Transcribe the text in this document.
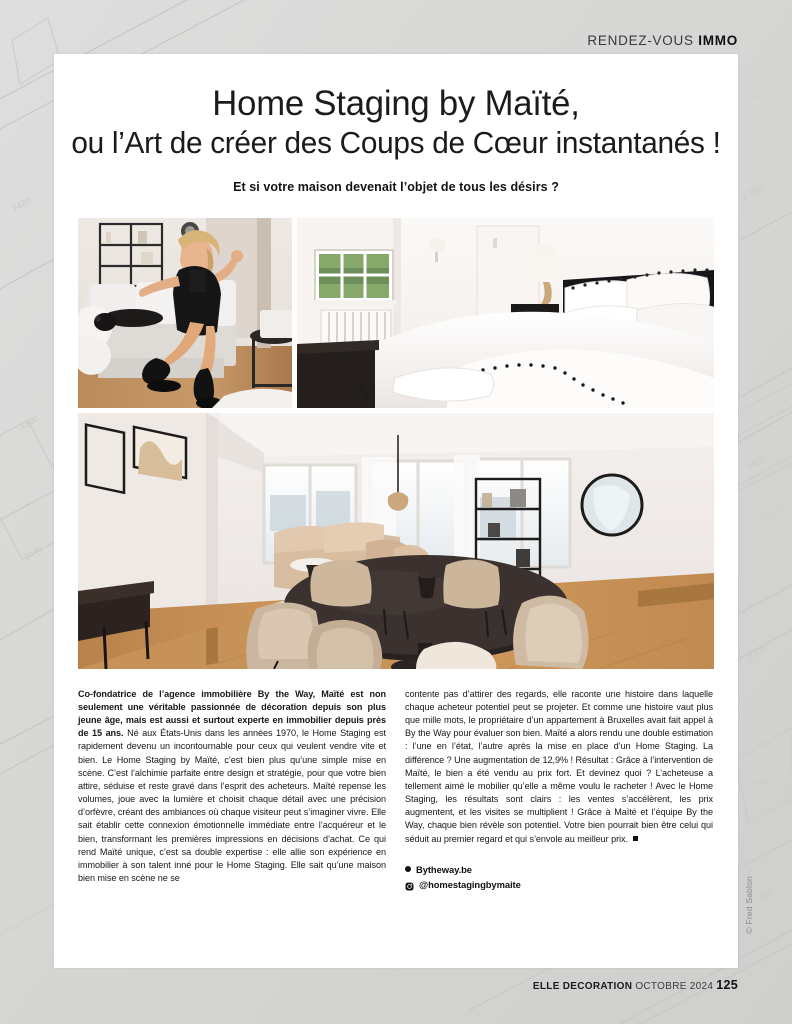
1420
1300
3140
2 200
1420
2600
780
360
RENDEZ-VOUS IMMO
Home Staging by Maïté,
ou l’Art de créer des Coups de Cœur instantanés !
Et si votre maison devenait l’objet de tous les désirs ?

Co-fondatrice de l’agence immobilière By the Way, Maïté est non seulement une véritable passionnée de décoration depuis son plus jeune âge, mais est aussi et surtout experte en immobilier depuis près de 15 ans. Né aux États-Unis dans les années 1970, le Home Staging est rapidement devenu un incontournable pour ceux qui veulent vendre vite et bien. Le Home Staging by Maïté, c’est bien plus qu’une simple mise en scène. C’est l’alchimie parfaite entre design et stratégie, pour que votre bien attire, séduise et reste gravé dans l’esprit des acheteurs. Maïté repense les volumes, joue avec la lumière et choisit chaque détail avec une précision d’orfèvre, créant des ambiances où chaque visiteur peut s’imaginer vivre. Elle sait établir cette connexion émotionnelle immédiate entre l’acquéreur et le bien, transformant les premières impressions en décisions d’achat. Ce qui rend Maïté unique, c’est sa double expertise : elle allie son expérience en immobilier à son talent inné pour le Home Staging. Elle sait qu’une maison bien mise en scène ne se

contente pas d’attirer des regards, elle raconte une histoire dans laquelle chaque acheteur potentiel peut se projeter. Et comme une histoire vaut plus que mille mots, le propriétaire d’un appartement à Bruxelles avait fait appel à By the Way pour évaluer son bien. Maïté a alors rendu une double estimation : l’une en l’état, l’autre après la mise en place d’un Home Staging. La différence ? Une augmentation de 12,9% ! Résultat : Grâce à l’intervention de Maïté, le bien a été vendu au prix fort. Et devinez quoi ? L’acheteuse a tellement aimé le mobilier qu’elle a même voulu le racheter ! Avec le Home Staging, les résultats sont clairs : les ventes s’accélèrent, les prix augmentent, et les visites se multiplient ! Grâce à Maïté et l’équipe By the Way, chaque bien révèle son potentiel. Votre bien pourrait bien être celui qui séduit au premier regard et qui s’envole au meilleur prix.

Bytheway.be
@homestagingbymaite	© Fred Sablon
ELLE DECORATION OCTOBRE 2024 125
